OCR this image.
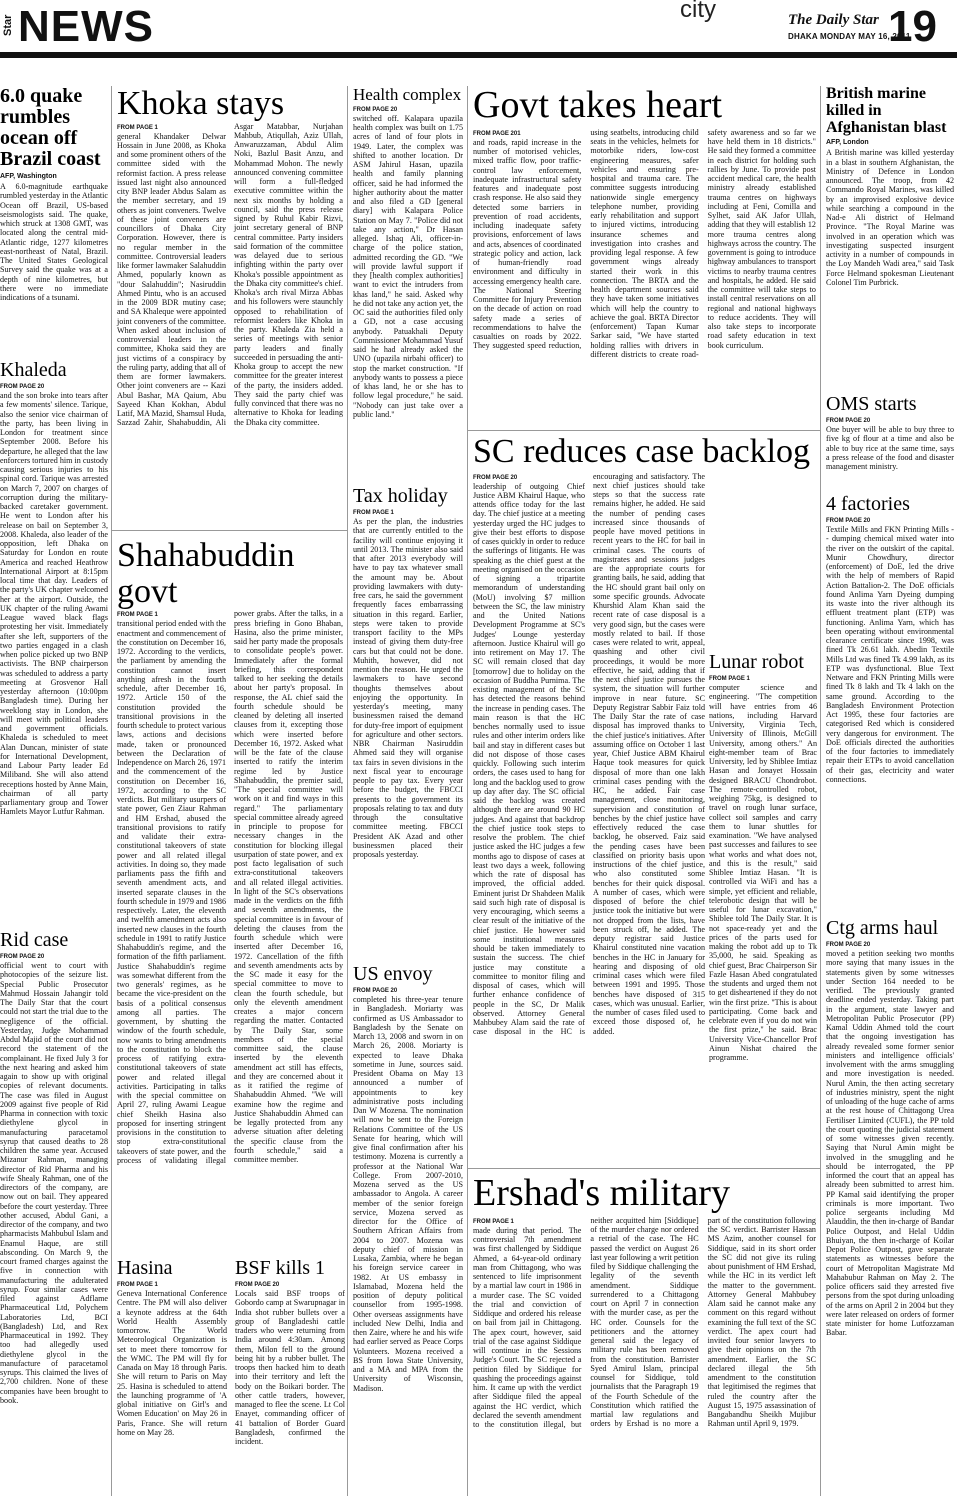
Star NEWS	city	The Daily Star
DHAKA MONDAY MAY 16, 2011
19
6.0 quake rumbles ocean off Brazil coast
AFP, Washington
A 6.0-magnitude earthquake rumbled yesterday in the Atlantic Ocean off Brazil, US-based seismologists said. The quake, which struck at 1308 GMT, was located along the central mid-Atlantic ridge, 1277 kilometres east-northeast of Natal, Brazil. The United States Geological Survey said the quake was at a depth of nine kilometres, but there were no immediate indications of a tsunami.
Khaleda
FROM PAGE 20
and the son broke into tears after a few moments' silence. Tarique, also the senior vice chairman of the party, has been living in London for treatment since September 2008. Before his departure, he alleged that the law enforcers tortured him in custody causing serious injuries to his spinal cord. Tarique was arrested on March 7, 2007 on charges of corruption during the military-backed caretaker government. He went to London after his release on bail on September 3, 2008. Khaleda, also leader of the opposition, left Dhaka on Saturday for London en route America and reached Heathrow International Airport at 8:15pm local time that day. Leaders of the party's UK chapter welcomed her at the airport. Outside, the UK chapter of the ruling Awami League waved black flags protesting her visit. Immediately after she left, supporters of the two parties engaged in a clash when police picked up two BNP activists. The BNP chairperson was scheduled to address a party meeting at Grosvenor Hall yesterday afternoon (10:00pm Bangladesh time). During her weeklong stay in London, she will meet with political leaders and government officials. Khaleda is scheduled to meet Alan Duncan, minister of state for International Development, and Labour Party leader Ed Miliband. She will also attend receptions hosted by Anne Main, chairman of all party parliamentary group and Tower Hamlets Mayor Lutfur Rahman.
Rid case
FROM PAGE 20
official went to court with photocopies of the seizure list. Special Public Prosecutor Mahmud Hossain Jahangir told The Daily Star that the court could not start the trial due to the negligence of the official. Yesterday, Judge Mohammad Abdul Majid of the court did not record the statement of the complainant. He fixed July 3 for the next hearing and asked him again to show up with original copies of relevant documents. The case was filed in August 2009 against five people of Rid Pharma in connection with toxic diethylene glycol in manufacturing paracetamol syrup that caused deaths to 28 children the same year. Accused Mizanur Rahman, managing director of Rid Pharma and his wife Shealy Rahman, one of the directors of the company, are now out on bail. They appeared before the court yesterday. Three other accused, Abdul Gani, a director of the company, and two pharmacists Mahbubul Islam and Enamul Haque, are still absconding. On March 9, the court framed charges against the five in connection with manufacturing the adulterated syrup. Four similar cases were filed against Adflame Pharmaceutical Ltd, Polychem Laboratories Ltd, BCI (Bangladesh) Ltd, and Rex Pharmaceutical in 1992. They too had allegedly used diethylene glycol in the manufacture of paracetamol syrups. This claimed the lives of 2,700 children. None of these companies have been brought to book.
Khoka stays
FROM PAGE 1
general Khandaker Delwar Hossain in June 2008, as Khoka and some prominent others of the committee sided with the reformist faction. A press release issued last night also announced city BNP leader Abdus Salam as the member secretary, and 19 others as joint conveners. Twelve of these joint conveners are councillors of Dhaka City Corporation. However, there is no regular member in the committee. Controversial leaders like former lawmaker Salahuddin Ahmed, popularly known as "dour Salahuddin"; Nasiruddin Ahmed Pintu, who is an accused in the 2009 BDR mutiny case; and SA Khaleque were appointed joint conveners of the committee. When asked about inclusion of controversial leaders in the committee, Khoka said they are just victims of a conspiracy by the ruling party, adding that all of them are former lawmakers. Other joint conveners are -- Kazi Abul Bashar, MA Qaium, Abu Sayeed Khan Kokhan, Abdul Latif, MA Mazid, Shamsul Huda, Sazzad Zahir, Shahabuddin, Ali Asgar Matabbar, Nurjahan Mahbub, Atiqullah, Aziz Ullah, Anwaruzzaman, Abdul Alim Noki, Bazlul Basit Anzu, and Mohammad Mohon. The newly announced convening committee will form a full-fledged executive committee within the next six months by holding a council, said the press release signed by Ruhul Kabir Rizvi, joint secretary general of BNP central committee. Party insiders said formation of the committee was delayed due to serious infighting within the party over Khoka's possible appointment as the Dhaka city committee's chief. Khoka's arch rival Mirza Abbas and his followers were staunchly opposed to rehabilitation of reformist leaders like Khoka in the party. Khaleda Zia held a series of meetings with senior party leaders and finally succeeded in persuading the anti-Khoka group to accept the new committee for the greater interest of the party, the insiders added. They said the party chief was fully convinced that there was no alternative to Khoka for leading the Dhaka city committee.
Shahabuddin govt
FROM PAGE 1
transitional period ended with the enactment and commencement of the constitution on December 16, 1972. According to the verdicts, the parliament by amending the constitution cannot insert anything afresh in the fourth schedule, after December 16, 1972. Article 150 of the constitution provided the transitional provisions in the fourth schedule to protect various laws, actions and decisions made, taken or pronounced between the Declaration of Independence on March 26, 1971 and the commencement of the constitution on December 16, 1972, according to the SC verdicts. But military usurpers of state power, Gen Ziaur Rahman and HM Ershad, abused the transitional provisions to ratify and validate their extra-constitutional takeovers of state power and all related illegal activities. In doing so, they made parliaments pass the fifth and seventh amendment acts, and inserted separate clauses in the fourth schedule in 1979 and 1986 respectively. Later, the eleventh and twelfth amendment acts also inserted new clauses in the fourth schedule in 1991 to ratify Justice Shahabuddin's regime, and the formation of the fifth parliament. Justice Shahabuddin's regime was somewhat different from the two generals' regimes, as he became the vice-president on the basis of a political consensus among all parties. The government, by shutting the window of the fourth schedule, now wants to bring amendments to the constitution to block the process of ratifying extra-constitutional takeovers of state power and related illegal activities. Participating in talks with the special committee on April 27, ruling Awami League chief Sheikh Hasina also proposed for inserting stringent provisions in the constitution to stop extra-constitutional takeovers of state power, and the process of validating illegal power grabs. After the talks, in a press briefing in Gono Bhaban, Hasina, also the prime minister, said her party made the proposals to consolidate people's power. Immediately after the formal briefing, this correspondent talked to her seeking the details about her party's proposal. In response, the AL chief said the fourth schedule should be cleaned by deleting all inserted clauses from it, excepting those which were inserted before December 16, 1972. Asked what will be the fate of the clause inserted to ratify the interim regime led by Justice Shahabuddin, the premier said, "The special committee will work on it and find ways in this regard." The parliamentary special committee already agreed in principle to propose for necessary changes in the constitution for blocking illegal usurpation of state power, and ex post facto legalisation of such extra-constitutional takeovers and all related illegal activities. In light of the SC's observations made in the verdicts on the fifth and seventh amendments, the special committee is in favour of deleting the clauses from the fourth schedule which were inserted after December 16, 1972. Cancellation of the fifth and seventh amendments acts by the SC made it easy for the special committee to move to clean the fourth schedule, but only the eleventh amendment creates a major concern regarding the matter. Contacted by The Daily Star, some members of the special committee said, the clause inserted by the eleventh amendment act still has effects, and they are concerned about it as it ratified the regime of Shahabuddin Ahmed. "We will examine how the regime and Justice Shahabuddin Ahmed can be legally protected from any adverse situation after deleting the specific clause from the fourth schedule," said a committee member.
Hasina
FROM PAGE 1
Geneva International Conference Centre. The PM will also deliver a keynote address at the 64th World Health Assembly tomorrow. The World Meteorological Organization is set to meet there tomorrow for the WMC. The PM will fly for Canada on May 18 through Paris. She will return to Paris on May 25. Hasina is scheduled to attend the launching programme of 'A global initiative on Girl's and Women Education' on May 26 in Paris, France. She will return home on May 28.
BSF kills 1
FROM PAGE 20
Locals said BSF troops of Gobordo camp at Swarupnagar in India shot rubber bullets over a group of Bangladeshi cattle traders who were returning from India around 4:30am. Among them, Milon fell to the ground being hit by a rubber bullet. The troops then hacked him to death into their territory and left the body on the Boikari border. The other cattle traders, however, managed to flee the scene. Lt Col Enayet, commanding officer of 41 battalion of Border Guard Bangladesh, confirmed the incident.
Health complex
FROM PAGE 20
switched off. Kalapara upazila health complex was built on 1.75 acres of land of four plots in 1949. Later, the complex was shifted to another location. Dr ASM Jahirul Hasan, upazila health and family planning officer, said he had informed the higher authority about the matter and also filed a GD [general diary] with Kalapara Police Station on May 7. "Police did not take any action," Dr Hasan alleged. Ishaq Ali, officer-in-charge of the police station, admitted recording the GD. "We will provide lawful support if they [health complex authorities] want to evict the intruders from khas land," he said. Asked why he did not take any action yet, the OC said the authorities filed only a GD, not a case accusing anybody. Patuakhali Deputy Commissioner Mohammad Yusuf said he had already asked the UNO (upazila nirbahi officer) to stop the market construction. "If anybody wants to possess a piece of khas land, he or she has to follow legal procedure," he said. "Nobody can just take over a public land."
Tax holiday
FROM PAGE 1
As per the plan, the industries that are currently entitled to the facility will continue enjoying it until 2013. The minister also said that after 2013 everybody will have to pay tax whatever small the amount may be. About providing lawmakers with duty-free cars, he said the government frequently faces embarrassing situation in this regard. Earlier, steps were taken to provide transport facility to the MPs instead of giving them duty-free cars but that could not be done. Muhith, however, did not mention the reason. He urged the lawmakers to have second thoughts themselves about enjoying the opportunity. In yesterday's meeting, many businessmen raised the demand for duty-free import of equipment for agriculture and other sectors. NBR Chairman Nasiruddin Ahmed said they will organise tax fairs in seven divisions in the next fiscal year to encourage people to pay tax. Every year before the budget, the FBCCI presents to the government its proposals relating to tax and duty through the consultative committee meeting. FBCCI President AK Azad and other businessmen placed their proposals yesterday.
US envoy
FROM PAGE 20
completed his three-year tenure in Bangladesh. Moriarty was confirmed as US Ambassador to Bangladesh by the Senate on March 13, 2008 and sworn in on March 26, 2008. Moriarty is expected to leave Dhaka sometime in June, sources said. President Obama on May 13 announced a number of appointments to key administrative posts including Dan W Mozena. The nomination will now be sent to the Foreign Relations Committee of the US Senate for hearing, which will give final confirmation after his testimony. Mozena is currently a professor at the National War College. From 2007-2010, Mozena served as the US ambassador to Angola. A career member of the senior foreign service, Mozena served as director for the Office of Southern African Affairs from 2004 to 2007. Mozena was deputy chief of mission in Lusaka, Zambia, where he began his foreign service career in 1982. At US embassy in Islamabad, Mozena held the position of deputy political counsellor from 1995-1998. Other overseas assignments have included New Delhi, India and then Zaire, where he and his wife had earlier served as Peace Corps Volunteers. Mozena received a BS from Iowa State University, and a MA and MPA from the University of Wisconsin, Madison.
Govt takes heart
FROM PAGE 201
and roads, rapid increase in the number of motorised vehicles, mixed traffic flow, poor traffic-control law enforcement, inadequate infrastructural safety features and inadequate post crash response. He also said they detected some barriers in prevention of road accidents, including inadequate safety provisions, enforcement of laws and acts, absences of coordinated strategic policy and action, lack of human-friendly road environment and difficulty in accessing emergency health care. The National Steering Committee for Injury Prevention on the decade of action on road safety made a series of recommendations to halve the casualties on roads by 2022. They suggested speed reduction, using seatbelts, introducing child seats in the vehicles, helmets for motorbike riders, low-cost engineering measures, safer vehicles and ensuring pre-hospital and trauma care. The committee suggests introducing nationwide single emergency telephone number, providing early rehabilitation and support to injured victims, introducing insurance schemes and investigation into crashes and providing legal response. A few government wings already started their work in this connection. The BRTA and the health department sources said they have taken some initiatives which will help the country to achieve the goal. BRTA Director (enforcement) Tapan Kumar Sarkar said, "We have started holding rallies with drivers in different districts to create road-safety awareness and so far we have held them in 18 districts." He said they formed a committee in each district for holding such rallies by June. To provide post accident medical care, the health ministry already established trauma centres on highways including at Feni, Comilla and Sylhet, said AK Jafor Ullah, adding that they will establish 12 more trauma centres along highways across the country. The government is going to introduce highway ambulances to transport victims to nearby trauma centres and hospitals, he added. He said the committee will take steps to install central reservations on all regional and national highways to reduce accidents. They will also take steps to incorporate road safety education in text book curriculum.
SC reduces case backlog
FROM PAGE 20
leadership of outgoing Chief Justice ABM Khairul Haque, who attends office today for the last day. The chief justice at a meeting yesterday urged the HC judges to give their best efforts to dispose of cases quickly in order to reduce the sufferings of litigants. He was speaking as the chief guest at the meeting organised on the occasion of signing a tripartite memorandum of understanding (MoU) involving $7 million between the SC, the law ministry and the United Nations Development Programme at SC's Judges' Lounge yesterday afternoon. Justice Khairul will go into retirement on May 17. The SC will remain closed that day [tomorrow] due to holiday on the occasion of Buddha Purnima. The existing management of the SC has detected the reasons behind the increase in pending cases. The main reason is that the HC benches normally used to issue rules and other interim orders like bail and stay in different cases but did not dispose of those cases quickly. Following such interim orders, the cases used to hang for long and the backlog used to grow up day after day. The SC official said the backlog was created although there are around 90 HC judges. And against that backdrop the chief justice took steps to resolve the problem. The chief justice asked the HC judges a few months ago to dispose of cases at least two days a week, following which the rate of disposal has improved, the official added. Eminent jurist Dr Shahdeen Malik said such high rate of disposal is very encouraging, which seems a clear result of the initiative of the chief justice. He however said some institutional measures should be taken immediately to sustain the success. The chief justice may constitute a committee to monitor filing and disposal of cases, which will further enhance confidence of people in the SC, Dr Malik observed. Attorney General Mahbubey Alam said the rate of case disposal in the HC is encouraging and satisfactory. The next chief justices should take steps so that the success rate remains higher, he added. He said the number of pending cases increased since thousands of people have moved petitions in recent years to the HC for bail in criminal cases. The courts of magistrates and sessions judges are the appropriate courts for granting bails, he said, adding that the HC should grant bail only on some specific grounds. Advocate Khurshid Alam Khan said the recent rate of case disposal is a very good sign, but the cases were mostly related to bail. If those cases were related to writ, appeal, quashing and other civil proceedings, it would be more effective, he said, adding that if the next chief justice pursues the system, the situation will further improve in near future. SC Deputy Registrar Sabbir Faiz told The Daily Star the rate of case disposal has improved thanks to the chief justice's initiatives. After assuming office on October 1 last year, Chief Justice ABM Khairul Haque took measures for quick disposal of more than one lakh criminal cases pending with the HC, he added. Fair case management, close monitoring, supervision and constitution of benches by the chief justice have effectively reduced the case backlog, he observed. Faiz said the pending cases have been classified on priority basis upon instructions of the chief justice, who also constituted some benches for their quick disposal. A number of cases, which were disposed of before the chief justice took the initiative but were not dropped from the lists, have been struck off, he added. The deputy registrar said Justice Khairul constituted nine vacation benches in the HC in January for hearing and disposing of old criminal cases which were filed between 1991 and 1995. Those benches have disposed of 315 cases, which was unusual. Earlier, the number of cases filed used to exceed those disposed of, he added.
Lunar robot
FROM PAGE 1
computer science and engineering. "The competition will have entries from 46 nations, including Harvard University, Virginia Tech, University of Illinois, McGill University, among others." An eight-member team of Brac University, led by Shiblee Imtiaz Hasan and Jonayet Hossain designed BRACU Chondrobot. The remote-controlled robot, weighing 75kg, is designed to travel on rough lunar surface, collect soil samples and carry them to lunar shuttles for examination. "We have analysed past successes and failures to see what works and what does not, and this is the result," said Shiblee Imtiaz Hasan. "It is controlled via WiFi and has a simple, yet efficient and reliable, telerobotic design that will be useful for lunar excavation," Shiblee told The Daily Star. It is not space-ready yet and the prices of the parts used for making the robot add up to Tk 35,000, he said. Speaking as chief guest, Brac Chairperson Sir Fazle Hasan Abed congratulated the students and urged them not to get disheartened if they do not win the first prize. "This is about participating. Come back and celebrate even if you do not win the first prize," he said. Brac University Vice-Chancellor Prof Ainun Nishat chaired the programme.
Ershad's military
FROM PAGE 1
made during that period. The controversial 7th amendment was first challenged by Siddique Ahmed, a 64-year-old ordinary man from Chittagong, who was sentenced to life imprisonment by a martial law court in 1986 in a murder case. The SC voided the trial and conviction of Siddique and ordered his release on bail from jail in Chittagong. The apex court, however, said trial of the case against Siddique will continue in the Sessions Judge's Court. The SC rejected a petition filed by Siddique for quashing the proceedings against him. It came up with the verdict after Siddique filed the appeal against the HC verdict, which declared the seventh amendment to the constitution illegal, but neither acquitted him [Siddique] of the murder charge nor ordered a retrial of the case. The HC passed the verdict on August 26 last year following a writ petition filed by Siddique challenging the legality of the seventh amendment. Siddique surrendered to a Chittagong court on April 7 in connection with the murder case, as per the HC order. Counsels for the petitioners and the attorney general said the legacy of military rule has been removed from the constitution. Barrister Syed Amirul Islam, principal counsel for Siddique, told journalists that the Paragraph 19 of the Fourth Schedule of the Constitution which ratified the martial law regulations and orders by Ershad is no more a part of the constitution following the SC verdict. Barrister Hassan MS Azim, another counsel for Siddique, said in its short order the SC did not give its ruling about punishment of HM Ershad, while the HC in its verdict left the matter to the government. Attorney General Mahbubey Alam said he cannot make any comment on this regard without examining the full text of the SC verdict. The apex court had invited four senior lawyers to give their opinions on the 7th amendment. Earlier, the SC declared illegal the 5th amendment to the constitution that legitimised the regimes that ruled the country after the August 15, 1975 assassination of Bangabandhu Sheikh Mujibur Rahman until April 9, 1979.
British marine killed in Afghanistan blast
AFP, London
A British marine was killed yesterday in a blast in southern Afghanistan, the Ministry of Defence in London announced. The troop, from 42 Commando Royal Marines, was killed by an improvised explosive device while searching a compound in the Nad-e Ali district of Helmand Province. "The Royal Marine was involved in an operation which was investigating suspected insurgent activity in a number of compounds in the Loy Mandeh Wadi area," said Task Force Helmand spokesman Lieutenant Colonel Tim Purbrick.
OMS starts
FROM PAGE 20
One buyer will be able to buy three to five kg of flour at a time and also be able to buy rice at the same time, says a press release of the food and disaster management ministry.
4 factories
FROM PAGE 20
Textile Mills and FKN Printing Mills -- dumping chemical mixed water into the river on the outskirt of the capital. Munir Chowdhury, director (enforcement) of DoE, led the drive with the help of members of Rapid Action Battalion-2. The DoE officials found Anlima Yarn Dyeing dumping its waste into the river although its effluent treatment plant (ETP) was functioning. Anlima Yarn, which has been operating without environmental clearance certificate since 1998, was fined Tk 26.61 lakh. Abedin Textile Mills Ltd was fined Tk 4.99 lakh, as its ETP was dysfunctional. Blue Text Netware and FKN Printing Mills were fined Tk 8 lakh and Tk 4 lakh on the same ground. According to the Bangladesh Environment Protection Act 1995, these four factories are categorised Red which is considered very dangerous for environment. The DoE officials directed the authorities of the four factories to immediately repair their ETPs to avoid cancellation of their gas, electricity and water connections.
Ctg arms haul
FROM PAGE 20
moved a petition seeking two months more saying that many issues in the statements given by some witnesses under Section 164 needed to be verified. The previously granted deadline ended yesterday. Taking part in the argument, state lawyer and Metropolitan Public Prosecutor (PP) Kamal Uddin Ahmed told the court that the ongoing investigation has already revealed some former senior ministers and intelligence officials' involvement with the arms smuggling and more investigation is needed. Nurul Amin, the then acting secretary of industries ministry, spent the night of unloading of the huge cache of arms at the rest house of Chittagong Urea Fertiliser Limited (CUFL), the PP told the court quoting the judicial statement of some witnesses given recently. Saying that Nurul Amin might be involved in the smuggling and he should be interrogated, the PP informed the court that an appeal has already been submitted to arrest him. PP Kamal said identifying the proper criminals is more important. Two police sergeants including Md Alauddin, the then in-charge of Bandar Police Outpost, and Helal Uddin Bhuiyan, the then in-charge of Koilar Depot Police Outpost, gave separate statements as witnesses before the court of Metropolitan Magistrate Md Mahabubur Rahman on May 2. The police officers said they arrested five persons from the spot during unloading of the arms on April 2 in 2004 but they were later released on orders of former state minister for home Lutfozzaman Babar.
